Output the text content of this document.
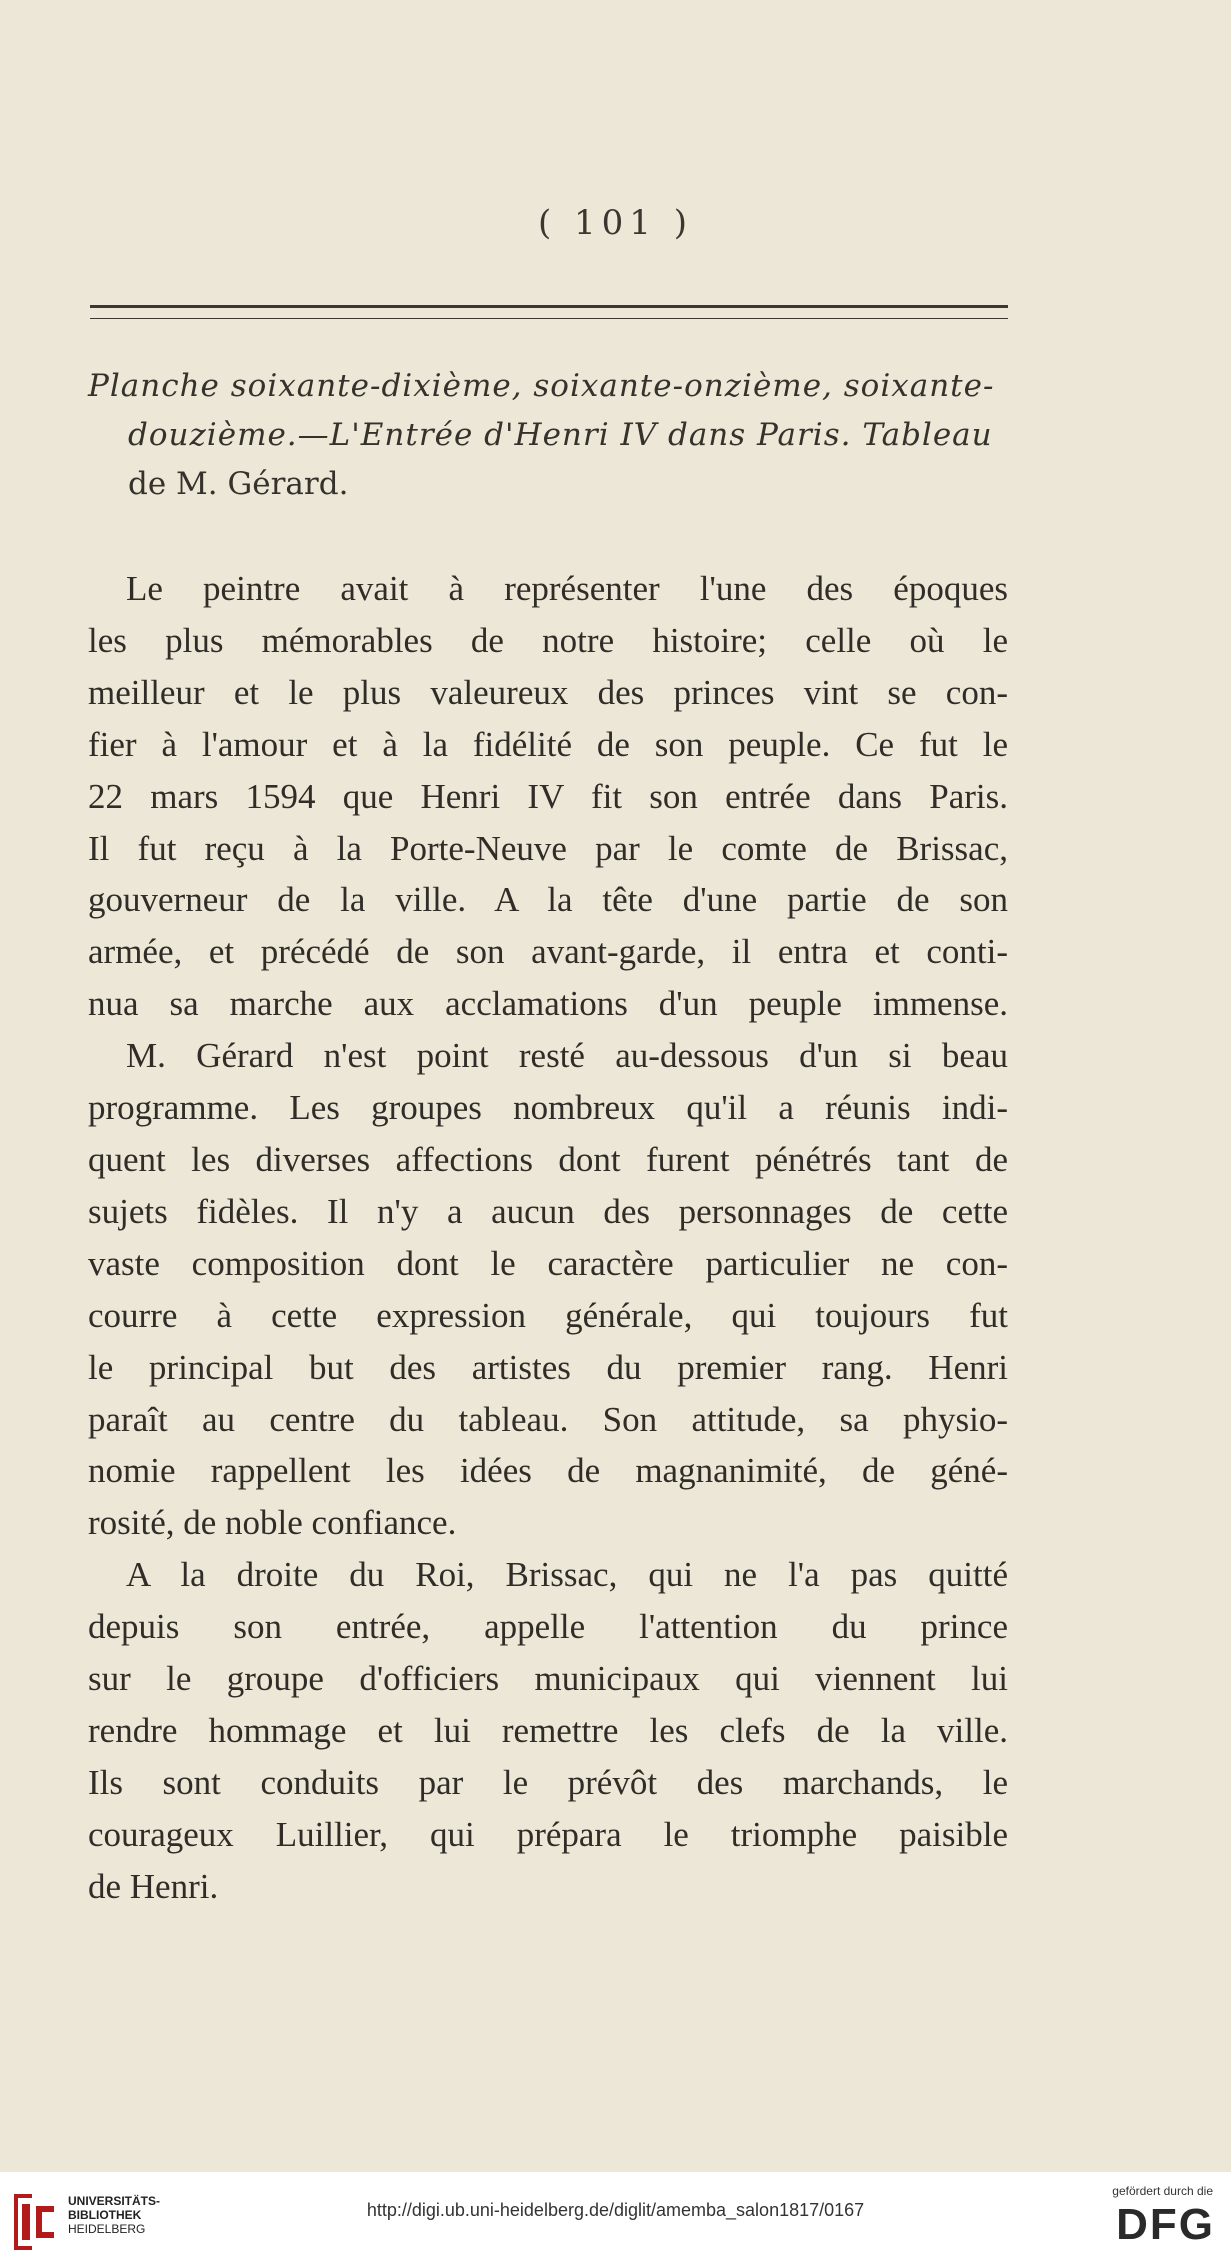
( 101 )
Planche soixante-dixième, soixante-onzième, soixante-
douzième.—L'Entrée d'Henri IV dans Paris. Tableau
de M. Gérard.
Le peintre avait à représenter l'une des époques
les plus mémorables de notre histoire; celle où le
meilleur et le plus valeureux des princes vint se con-
fier à l'amour et à la fidélité de son peuple. Ce fut le
22 mars 1594 que Henri IV fit son entrée dans Paris.
Il fut reçu à la Porte-Neuve par le comte de Brissac,
gouverneur de la ville. A la tête d'une partie de son
armée, et précédé de son avant-garde, il entra et conti-
nua sa marche aux acclamations d'un peuple immense.
M. Gérard n'est point resté au-dessous d'un si beau
programme. Les groupes nombreux qu'il a réunis indi-
quent les diverses affections dont furent pénétrés tant de
sujets fidèles. Il n'y a aucun des personnages de cette
vaste composition dont le caractère particulier ne con-
courre à cette expression générale, qui toujours fut
le principal but des artistes du premier rang. Henri
paraît au centre du tableau. Son attitude, sa physio-
nomie rappellent les idées de magnanimité, de géné-
rosité, de noble confiance.
A la droite du Roi, Brissac, qui ne l'a pas quitté
depuis son entrée, appelle l'attention du prince
sur le groupe d'officiers municipaux qui viennent lui
rendre hommage et lui remettre les clefs de la ville.
Ils sont conduits par le prévôt des marchands, le
courageux Luillier, qui prépara le triomphe paisible
de Henri.
UNIVERSITÄTS-
BIBLIOTHEK
HEIDELBERG
http://digi.ub.uni-heidelberg.de/diglit/amemba_salon1817/0167
gefördert durch die
DFG
